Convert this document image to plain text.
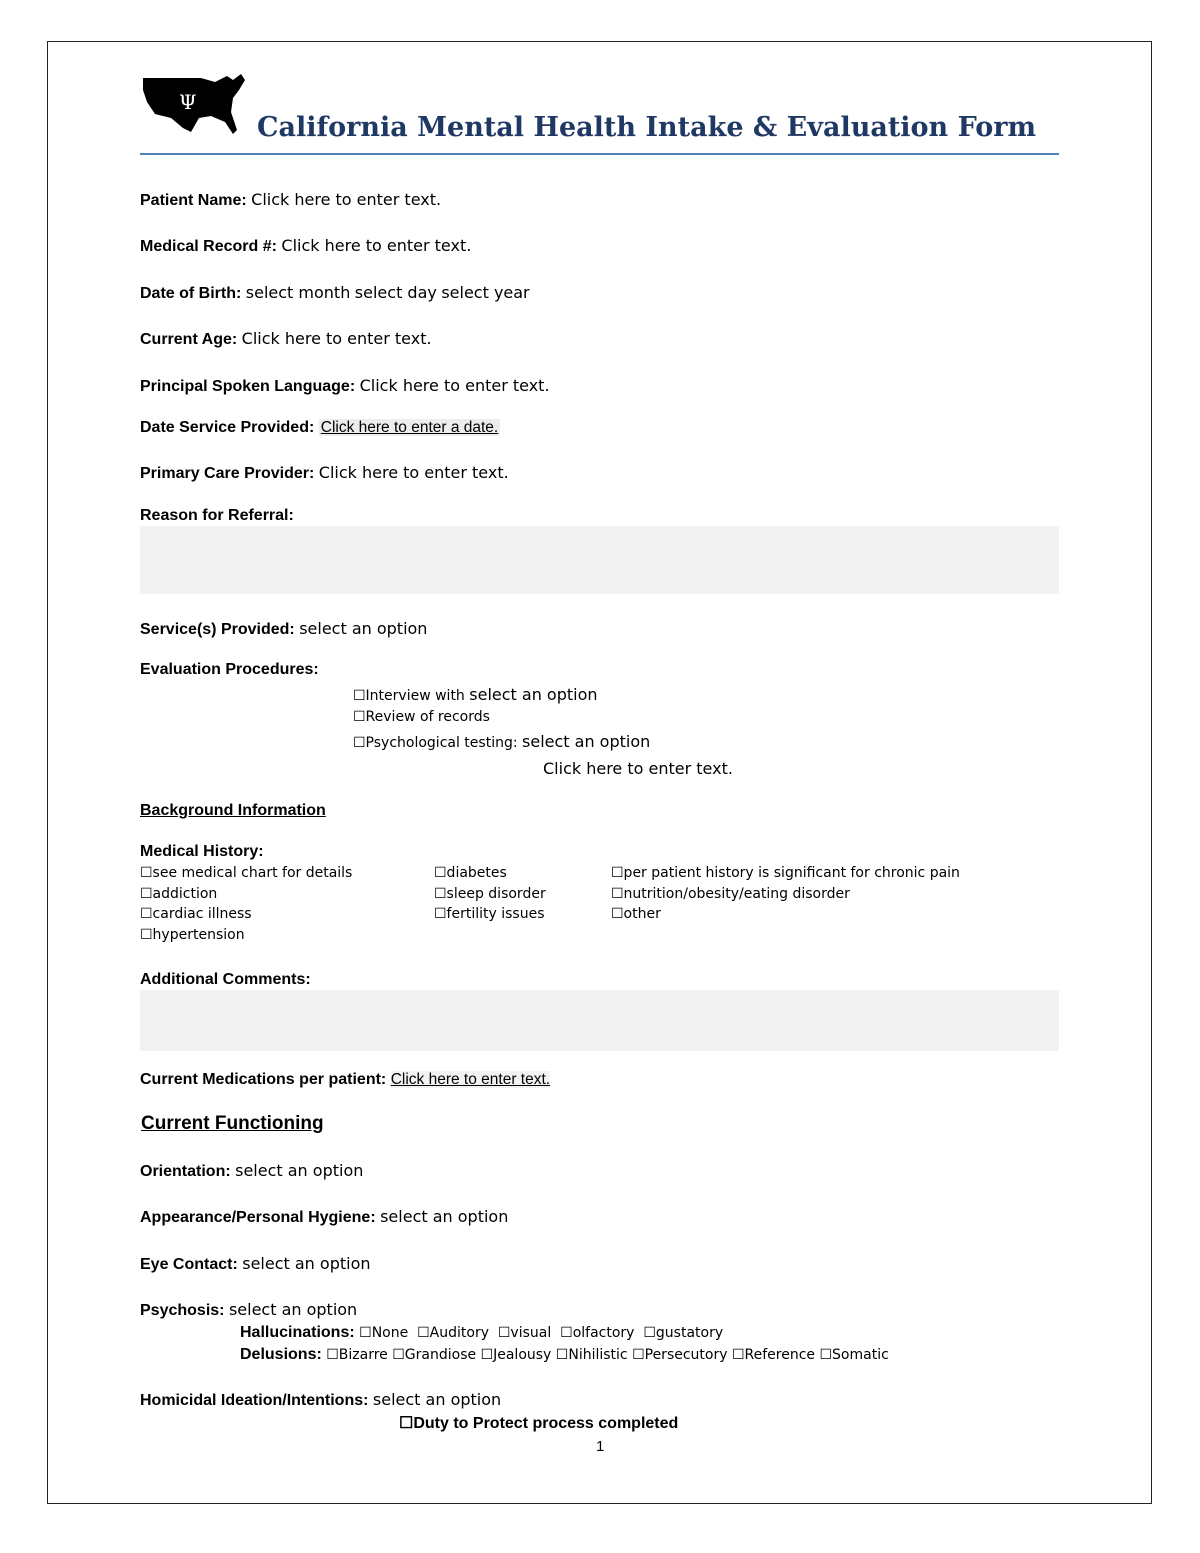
Ψ
California Mental Health Intake & Evaluation Form
Patient Name: Click here to enter text.
Medical Record #: Click here to enter text.
Date of Birth: select month select day select year
Current Age: Click here to enter text.
Principal Spoken Language: Click here to enter text.
Date Service Provided: Click here to enter a date.
Primary Care Provider: Click here to enter text.
Reason for Referral:
Service(s) Provided: select an option
Evaluation Procedures:
☐Interview with select an option
☐Review of records
☐Psychological testing: select an option
Click here to enter text.
Background Information
Medical History:
☐see medical chart for details
☐addiction
☐cardiac illness
☐hypertension
☐diabetes
☐sleep disorder
☐fertility issues
☐per patient history is significant for chronic pain
☐nutrition/obesity/eating disorder
☐other
Additional Comments:
Current Medications per patient: Click here to enter text.
Current Functioning
Orientation: select an option
Appearance/Personal Hygiene: select an option
Eye Contact: select an option
Psychosis: select an option
Hallucinations: ☐None ☐Auditory ☐visual ☐olfactory ☐gustatory
Delusions: ☐Bizarre ☐Grandiose ☐Jealousy ☐Nihilistic ☐Persecutory ☐Reference ☐Somatic
Homicidal Ideation/Intentions: select an option
☐Duty to Protect process completed
1
